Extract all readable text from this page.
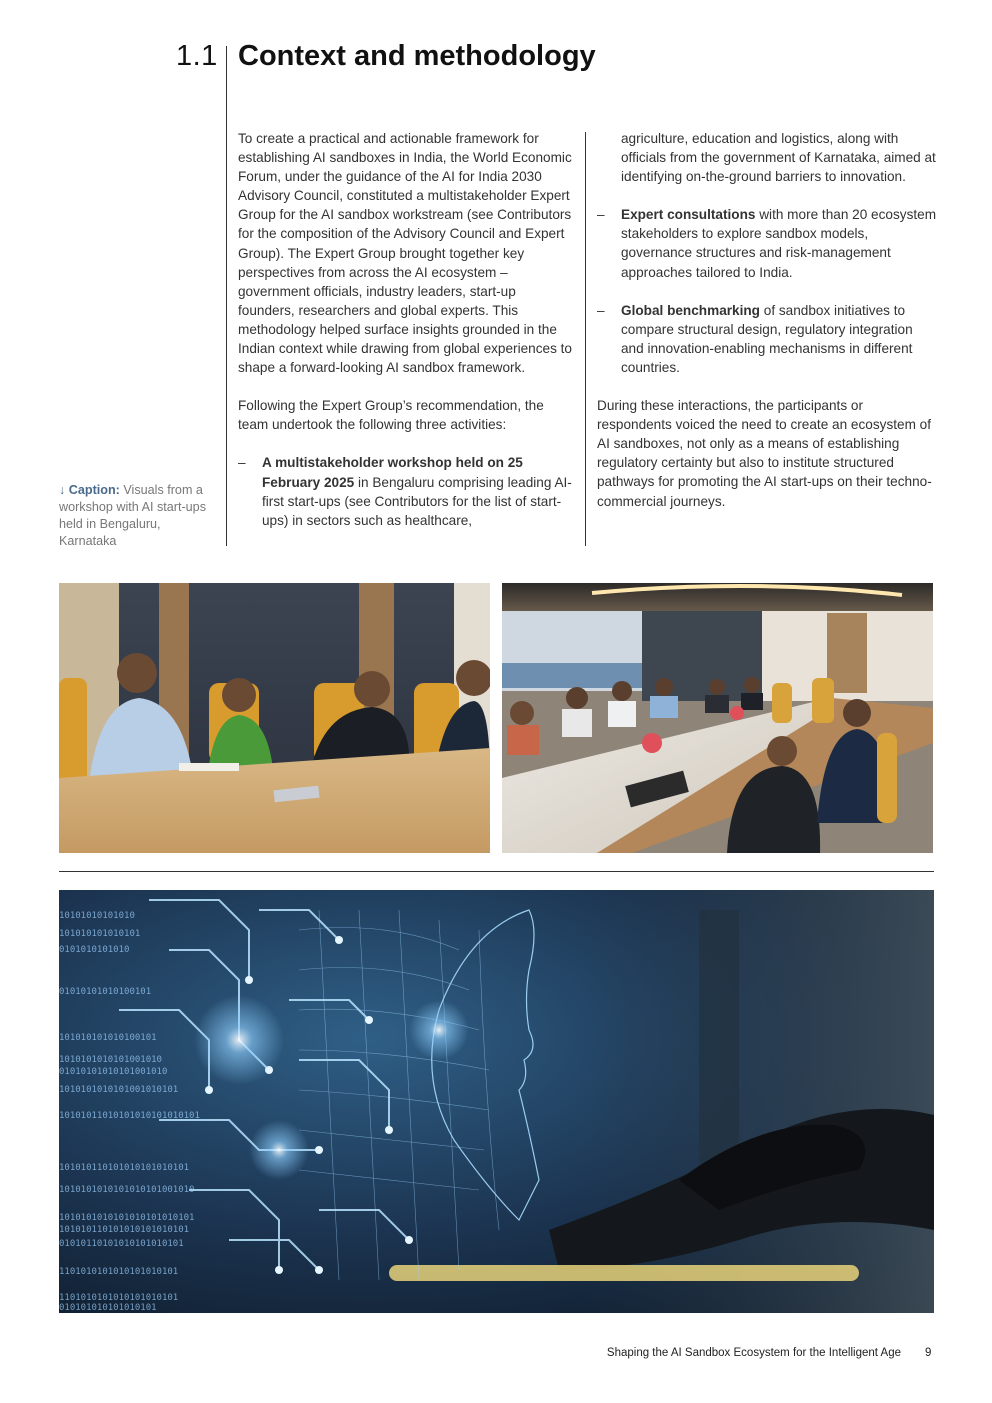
1.1 Context and methodology

To create a practical and actionable framework for establishing AI sandboxes in India, the World Economic Forum, under the guidance of the AI for India 2030 Advisory Council, constituted a multistakeholder Expert Group for the AI sandbox workstream (see Contributors for the composition of the Advisory Council and Expert Group). The Expert Group brought together key perspectives from across the AI ecosystem – government officials, industry leaders, start-up founders, researchers and global experts. This methodology helped surface insights grounded in the Indian context while drawing from global experiences to shape a forward-looking AI sandbox framework.

Following the Expert Group’s recommendation, the team undertook the following three activities:

– A multistakeholder workshop held on 25 February 2025 in Bengaluru comprising leading AI-first start-ups (see Contributors for the list of start-ups) in sectors such as healthcare,
agriculture, education and logistics, along with officials from the government of Karnataka, aimed at identifying on-the-ground barriers to innovation.
– Expert consultations with more than 20 ecosystem stakeholders to explore sandbox models, governance structures and risk-management approaches tailored to India.
– Global benchmarking of sandbox initiatives to compare structural design, regulatory integration and innovation-enabling mechanisms in different countries.

During these interactions, the participants or respondents voiced the need to create an ecosystem of AI sandboxes, not only as a means of establishing regulatory certainty but also to institute structured pathways for promoting the AI start-ups on their techno-commercial journeys.

↓ Caption: Visuals from a workshop with AI start-ups held in Bengaluru, Karnataka
10101010101010
101010101010101
0101010101010
01010101010100101
101010101010100101
1010101010101001010
01010101010101001010
1010101010101001010101
10101011010101010101010101
101010110101010101010101
1010101010101010101001010
1010101010101010101010101
101010110101010101010101
01010110101010101010101
1101010101010101010101
1101010101010101010101
010101010101010101
Shaping the AI Sandbox Ecosystem for the Intelligent Age 9
